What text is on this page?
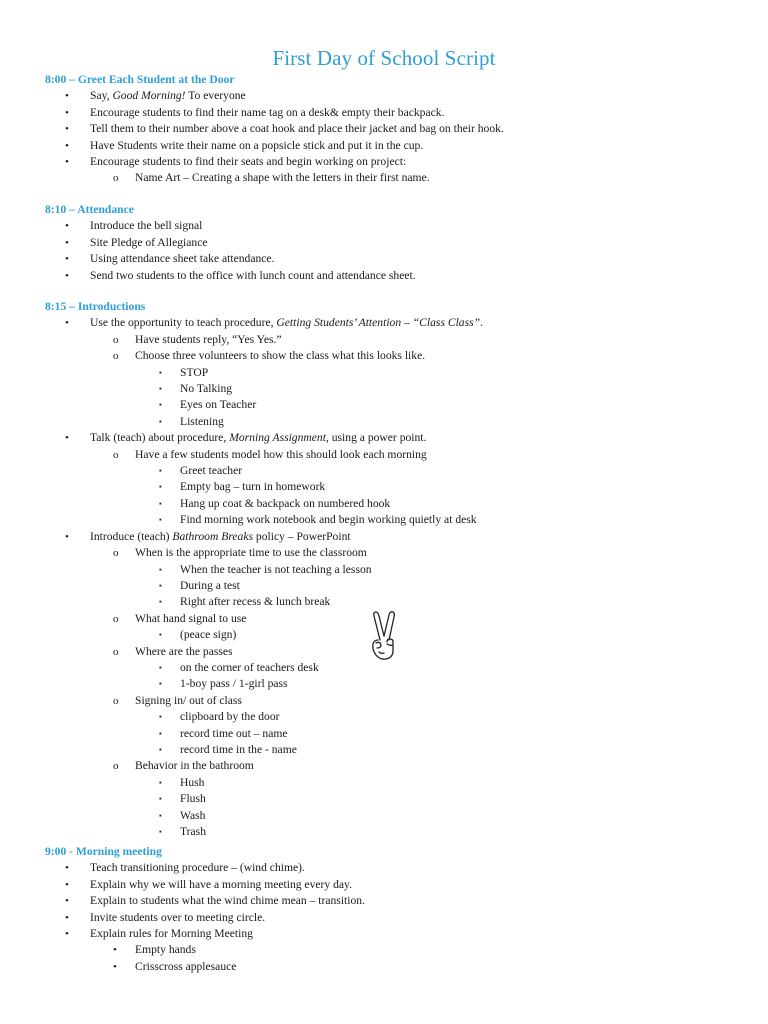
First Day of School Script
8:00 – Greet Each Student at the Door
• Say, Good Morning! To everyone
• Encourage students to find their name tag on a desk& empty their backpack.
• Tell them to their number above a coat hook and place their jacket and bag on their hook.
• Have Students write their name on a popsicle stick and put it in the cup.
• Encourage students to find their seats and begin working on project:
o Name Art – Creating a shape with the letters in their first name.
8:10 – Attendance
• Introduce the bell signal
• Site Pledge of Allegiance
• Using attendance sheet take attendance.
• Send two students to the office with lunch count and attendance sheet.
8:15 – Introductions
• Use the opportunity to teach procedure, Getting Students’ Attention – “Class Class”.
o Have students reply, “Yes Yes.”
o Choose three volunteers to show the class what this looks like.
▪ STOP
▪ No Talking
▪ Eyes on Teacher
▪ Listening
• Talk (teach) about procedure, Morning Assignment, using a power point.
o Have a few students model how this should look each morning
▪ Greet teacher
▪ Empty bag – turn in homework
▪ Hang up coat & backpack on numbered hook
▪ Find morning work notebook and begin working quietly at desk
• Introduce (teach) Bathroom Breaks policy – PowerPoint
o When is the appropriate time to use the classroom
▪ When the teacher is not teaching a lesson
▪ During a test
▪ Right after recess & lunch break
o What hand signal to use
▪ (peace sign)
o Where are the passes
▪ on the corner of teachers desk
▪ 1-boy pass / 1-girl pass
o Signing in/ out of class
▪ clipboard by the door
▪ record time out – name
▪ record time in the - name
o Behavior in the bathroom
▪ Hush
▪ Flush
▪ Wash
▪ Trash
9:00 - Morning meeting
• Teach transitioning procedure – (wind chime).
• Explain why we will have a morning meeting every day.
• Explain to students what the wind chime mean – transition.
• Invite students over to meeting circle.
• Explain rules for Morning Meeting
• Empty hands
• Crisscross applesauce
